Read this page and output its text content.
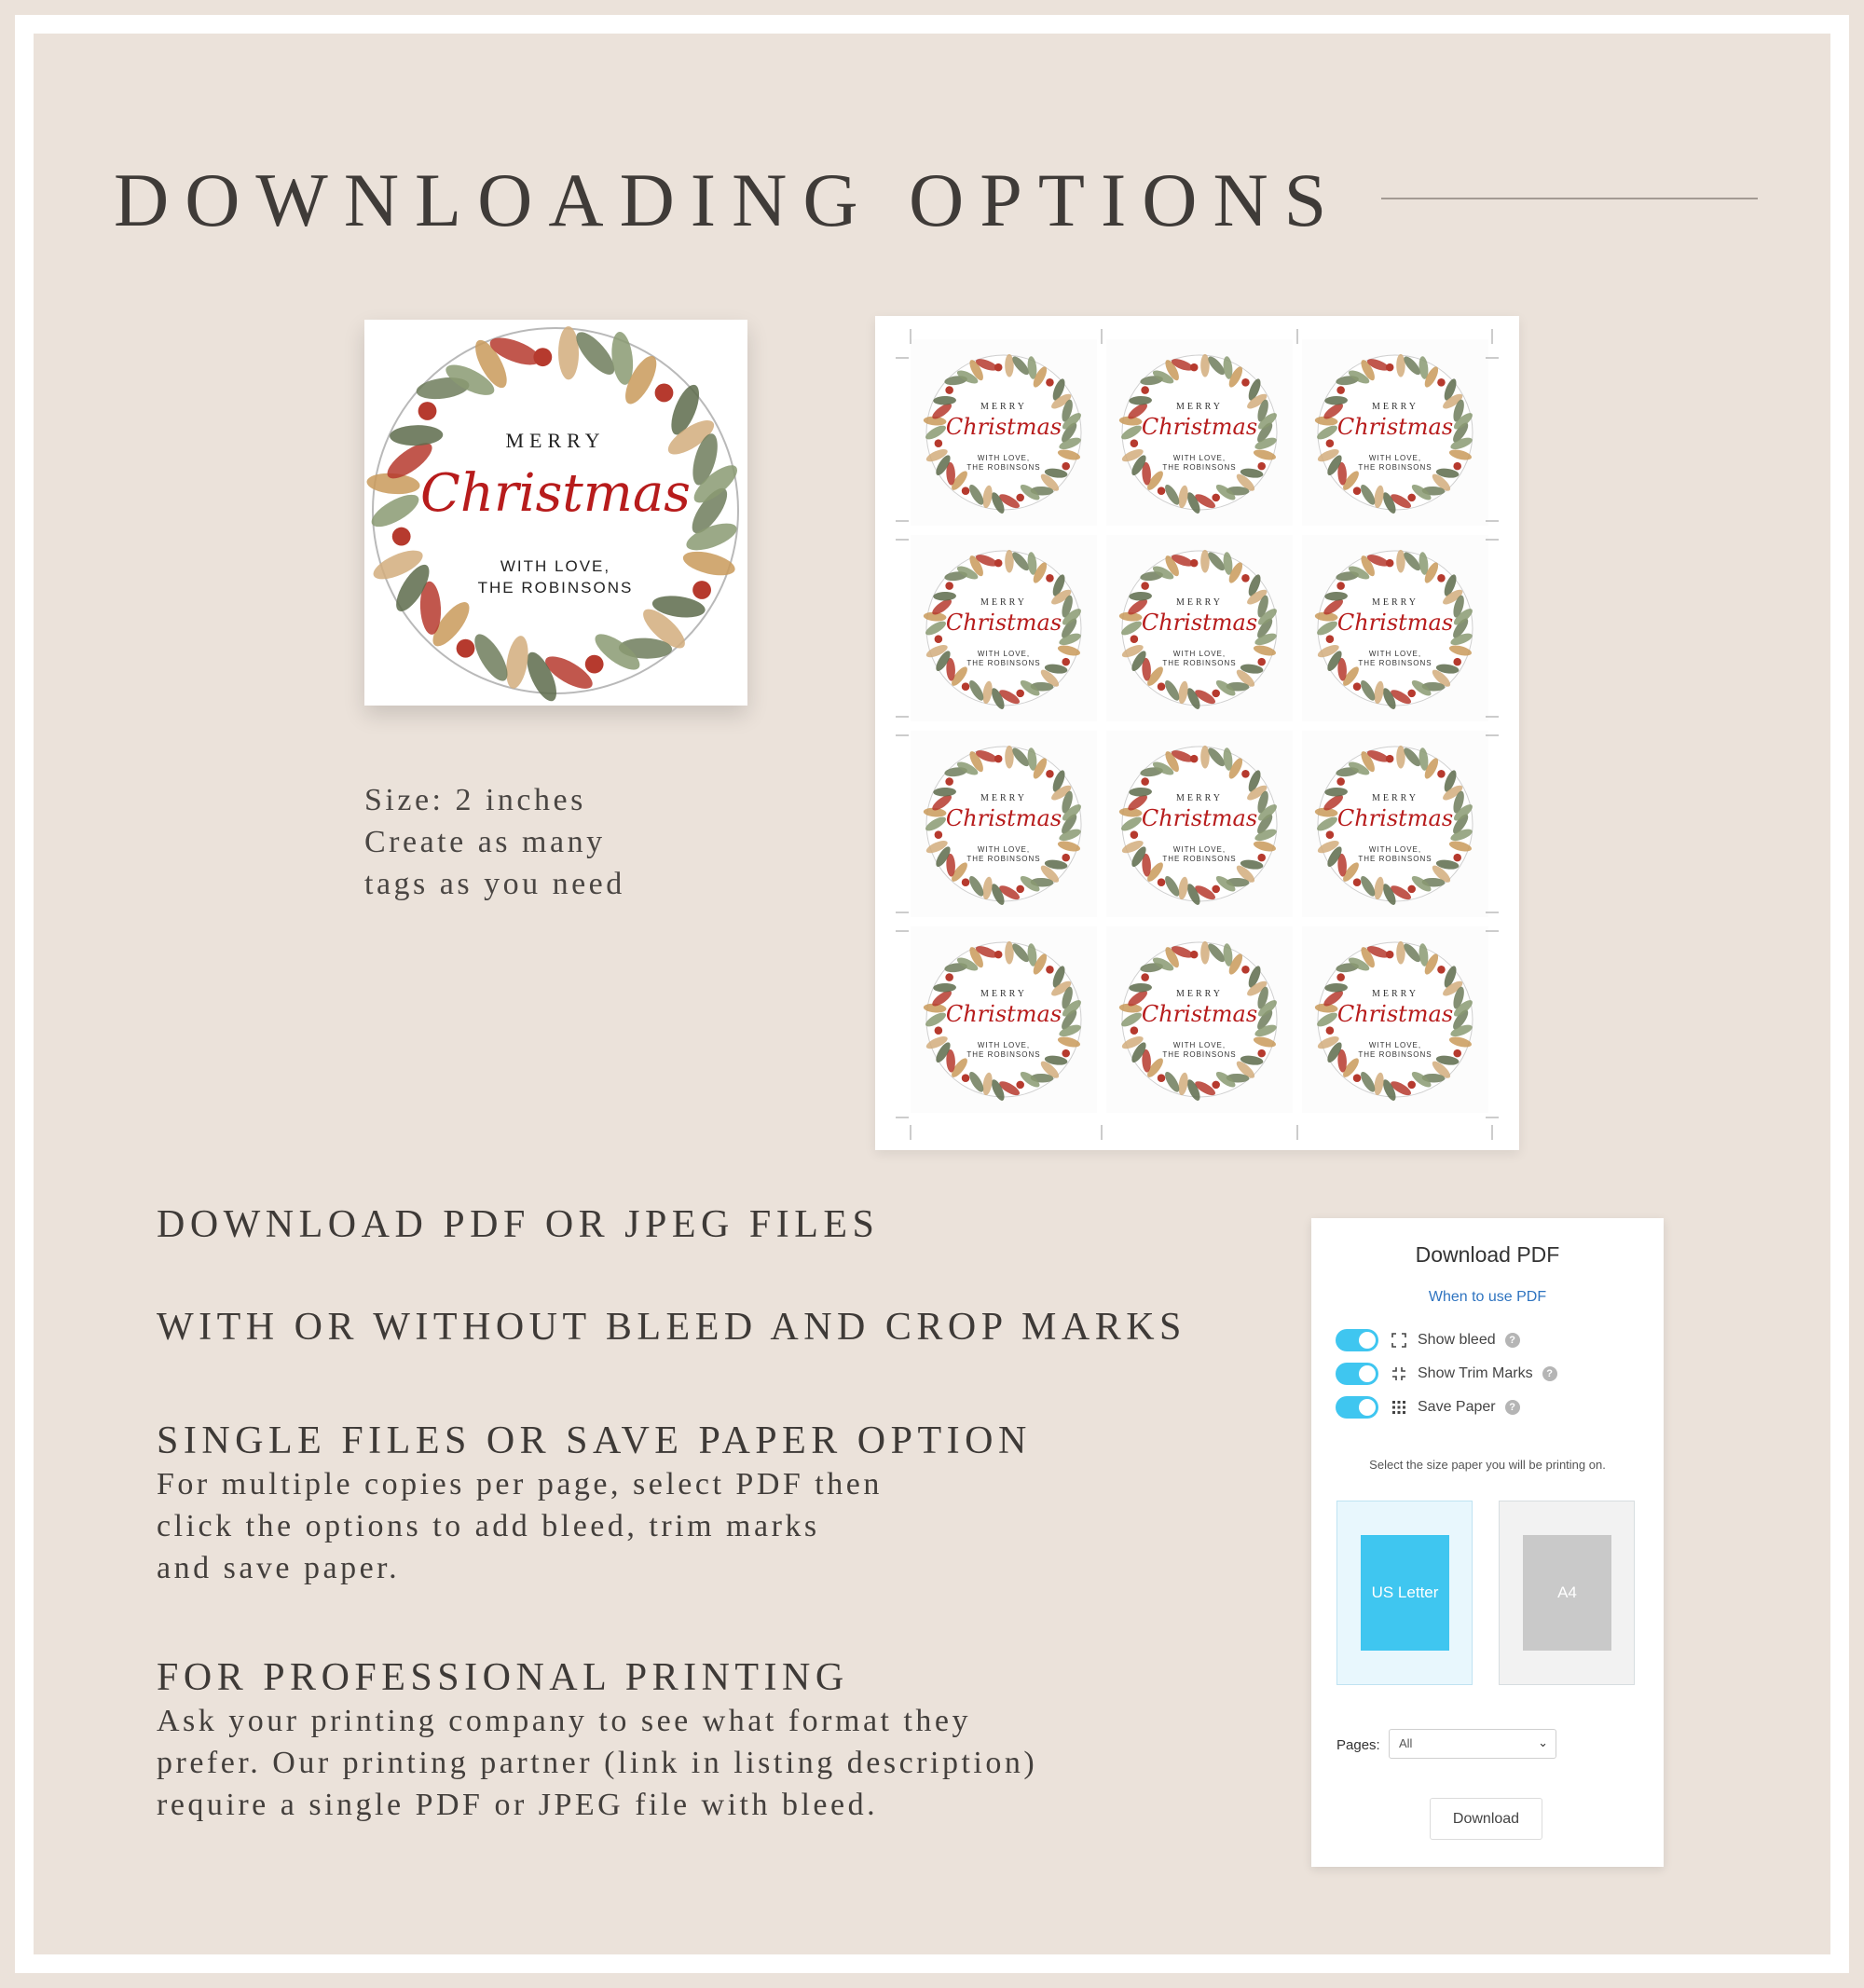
DOWNLOADING OPTIONS
MERRY
Christmas
WITH LOVE,
THE ROBINSONS
Size: 2 inches
Create as many
tags as you need
MERRY
Christmas
WITH LOVE,
THE ROBINSONS
MERRY
Christmas
WITH LOVE,
THE ROBINSONS
MERRY
Christmas
WITH LOVE,
THE ROBINSONS
MERRY
Christmas
WITH LOVE,
THE ROBINSONS
MERRY
Christmas
WITH LOVE,
THE ROBINSONS
MERRY
Christmas
WITH LOVE,
THE ROBINSONS
MERRY
Christmas
WITH LOVE,
THE ROBINSONS
MERRY
Christmas
WITH LOVE,
THE ROBINSONS
MERRY
Christmas
WITH LOVE,
THE ROBINSONS
MERRY
Christmas
WITH LOVE,
THE ROBINSONS
MERRY
Christmas
WITH LOVE,
THE ROBINSONS
MERRY
Christmas
WITH LOVE,
THE ROBINSONS
DOWNLOAD PDF OR JPEG FILES
WITH OR WITHOUT BLEED AND CROP MARKS
SINGLE FILES OR SAVE PAPER OPTION
For multiple copies per page, select PDF then
click the options to add bleed, trim marks
and save paper.
FOR PROFESSIONAL PRINTING
Ask your printing company to see what format they
prefer. Our printing partner (link in listing description)
require a single PDF or JPEG file with bleed.
Download PDF
When to use PDF
Show bleed	?
Show Trim Marks	?
Save Paper	?
Select the size paper you will be printing on.
US Letter	A4
Pages:	All	⌄
Download
